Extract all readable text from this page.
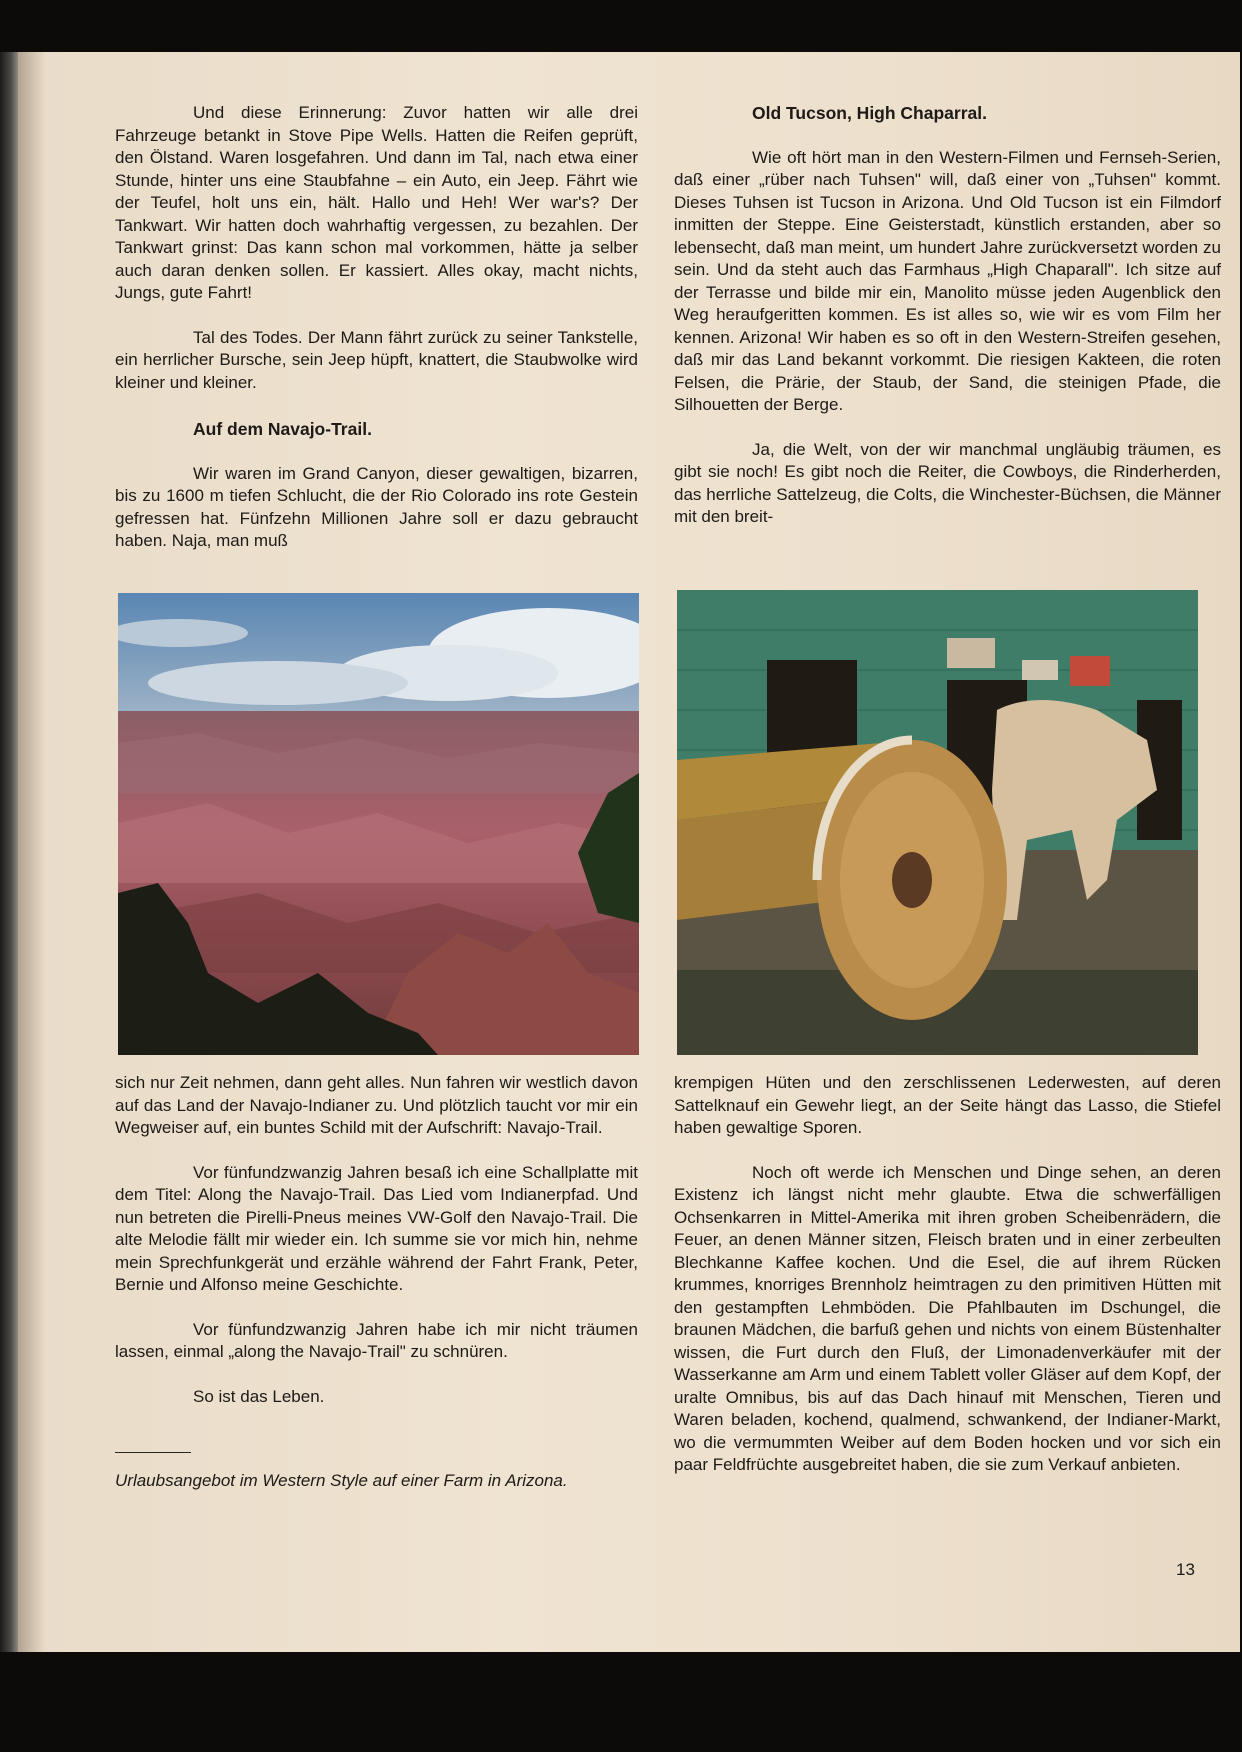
Und diese Erinnerung: Zuvor hatten wir alle drei Fahrzeuge betankt in Stove Pipe Wells. Hatten die Reifen geprüft, den Ölstand. Waren losgefahren. Und dann im Tal, nach etwa einer Stunde, hinter uns eine Staubfahne – ein Auto, ein Jeep. Fährt wie der Teufel, holt uns ein, hält. Hallo und Heh! Wer war's? Der Tankwart. Wir hatten doch wahrhaftig vergessen, zu bezahlen. Der Tankwart grinst: Das kann schon mal vorkommen, hätte ja selber auch daran denken sollen. Er kassiert. Alles okay, macht nichts, Jungs, gute Fahrt!

Tal des Todes. Der Mann fährt zurück zu seiner Tankstelle, ein herrlicher Bursche, sein Jeep hüpft, knattert, die Staubwolke wird kleiner und kleiner.

Auf dem Navajo-Trail.

Wir waren im Grand Canyon, dieser gewaltigen, bizarren, bis zu 1600 m tiefen Schlucht, die der Rio Colorado ins rote Gestein gefressen hat. Fünfzehn Millionen Jahre soll er dazu gebraucht haben. Naja, man muß

Old Tucson, High Chaparral.

Wie oft hört man in den Western-Filmen und Fernseh-Serien, daß einer „rüber nach Tuhsen" will, daß einer von „Tuhsen" kommt. Dieses Tuhsen ist Tucson in Arizona. Und Old Tucson ist ein Filmdorf inmitten der Steppe. Eine Geisterstadt, künstlich erstanden, aber so lebensecht, daß man meint, um hundert Jahre zurückversetzt worden zu sein. Und da steht auch das Farmhaus „High Chaparall". Ich sitze auf der Terrasse und bilde mir ein, Manolito müsse jeden Augenblick den Weg heraufgeritten kommen. Es ist alles so, wie wir es vom Film her kennen. Arizona! Wir haben es so oft in den Western-Streifen gesehen, daß mir das Land bekannt vorkommt. Die riesigen Kakteen, die roten Felsen, die Prärie, der Staub, der Sand, die steinigen Pfade, die Silhouetten der Berge.

Ja, die Welt, von der wir manchmal ungläubig träumen, es gibt sie noch! Es gibt noch die Reiter, die Cowboys, die Rinderherden, das herrliche Sattelzeug, die Colts, die Winchester-Büchsen, die Männer mit den breit-

sich nur Zeit nehmen, dann geht alles. Nun fahren wir westlich davon auf das Land der Navajo-Indianer zu. Und plötzlich taucht vor mir ein Wegweiser auf, ein buntes Schild mit der Aufschrift: Navajo-Trail.

Vor fünfundzwanzig Jahren besaß ich eine Schallplatte mit dem Titel: Along the Navajo-Trail. Das Lied vom Indianerpfad. Und nun betreten die Pirelli-Pneus meines VW-Golf den Navajo-Trail. Die alte Melodie fällt mir wieder ein. Ich summe sie vor mich hin, nehme mein Sprechfunkgerät und erzähle während der Fahrt Frank, Peter, Bernie und Alfonso meine Geschichte.

Vor fünfundzwanzig Jahren habe ich mir nicht träumen lassen, einmal „along the Navajo-Trail" zu schnüren.

So ist das Leben.

Urlaubsangebot im Western Style auf einer Farm in Arizona.

krempigen Hüten und den zerschlissenen Lederwesten, auf deren Sattelknauf ein Gewehr liegt, an der Seite hängt das Lasso, die Stiefel haben gewaltige Sporen.

Noch oft werde ich Menschen und Dinge sehen, an deren Existenz ich längst nicht mehr glaubte. Etwa die schwerfälligen Ochsenkarren in Mittel-Amerika mit ihren groben Scheibenrädern, die Feuer, an denen Männer sitzen, Fleisch braten und in einer zerbeulten Blechkanne Kaffee kochen. Und die Esel, die auf ihrem Rücken krummes, knorriges Brennholz heimtragen zu den primitiven Hütten mit den gestampften Lehmböden. Die Pfahlbauten im Dschungel, die braunen Mädchen, die barfuß gehen und nichts von einem Büstenhalter wissen, die Furt durch den Fluß, der Limonadenverkäufer mit der Wasserkanne am Arm und einem Tablett voller Gläser auf dem Kopf, der uralte Omnibus, bis auf das Dach hinauf mit Menschen, Tieren und Waren beladen, kochend, qualmend, schwankend, der Indianer-Markt, wo die vermummten Weiber auf dem Boden hocken und vor sich ein paar Feldfrüchte ausgebreitet haben, die sie zum Verkauf anbieten.

13
